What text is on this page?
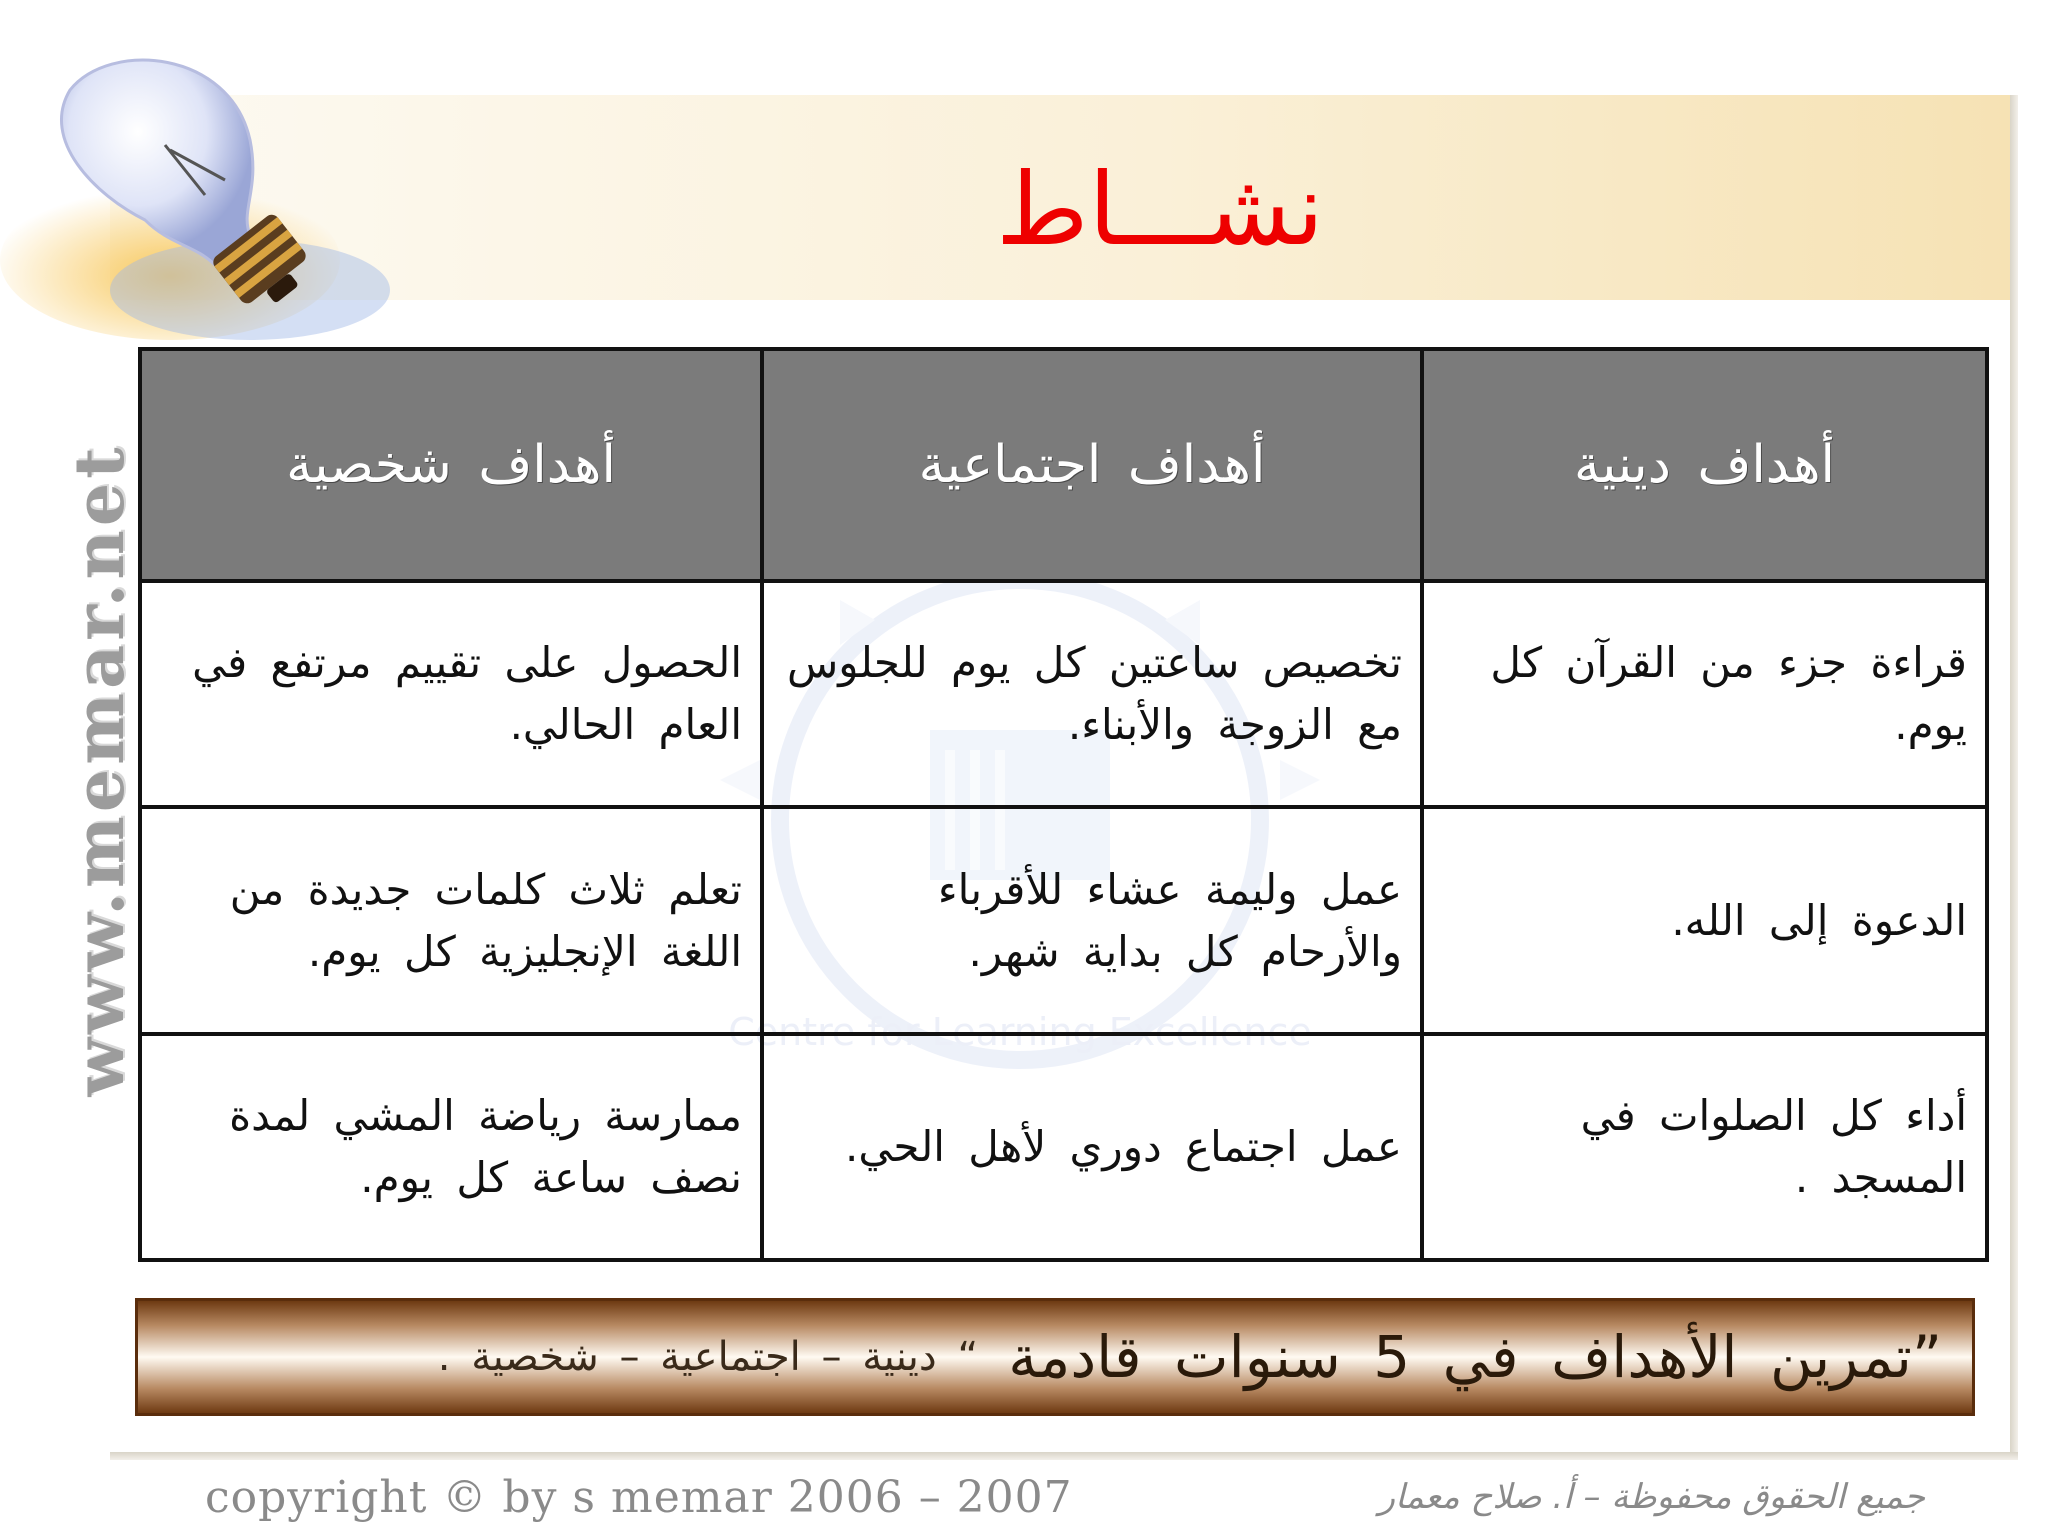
www.memar.net
نشـــاط
أهداف دينية	أهداف اجتماعية	أهداف شخصية
قراءة جزء من القرآن كل يوم.	تخصيص ساعتين كل يوم للجلوس مع الزوجة والأبناء.	الحصول على تقييم مرتفع في العام الحالي.
الدعوة إلى الله.	عمل وليمة عشاء للأقرباء والأرحام كل بداية شهر.	تعلم ثلاث كلمات جديدة من اللغة الإنجليزية كل يوم.
أداء كل الصلوات في المسجد .	عمل اجتماع دوري لأهل الحي.	ممارسة رياضة المشي لمدة نصف ساعة كل يوم.
”تمرين الأهداف في 5 سنوات قادمة
“ دينية – اجتماعية – شخصية .
copyright © by s memar 2006 – 2007	جميع الحقوق محفوظة – أ. صلاح معمار
